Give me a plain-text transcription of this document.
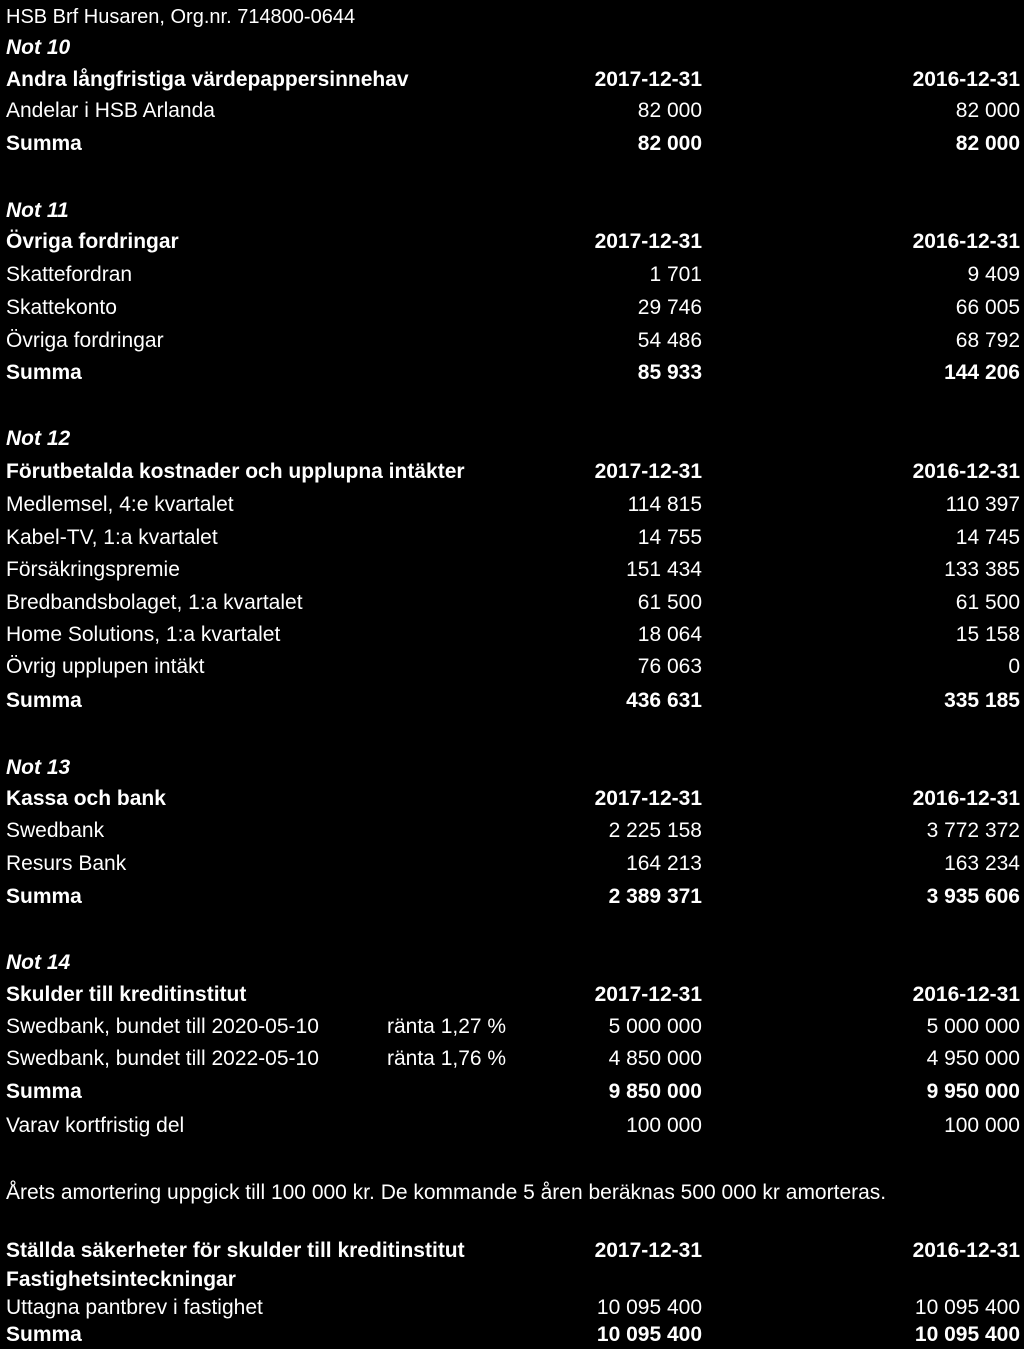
HSB Brf Husaren, Org.nr. 714800-0644
Not 10
Andra långfristiga värdepappersinnehav	2017-12-31	2016-12-31
Andelar i HSB Arlanda	82 000	82 000
Summa	82 000	82 000
Not 11
Övriga fordringar	2017-12-31	2016-12-31
Skattefordran	1 701	9 409
Skattekonto	29 746	66 005
Övriga fordringar	54 486	68 792
Summa	85 933	144 206
Not 12
Förutbetalda kostnader och upplupna intäkter	2017-12-31	2016-12-31
Medlemsel, 4:e kvartalet	114 815	110 397
Kabel-TV, 1:a kvartalet	14 755	14 745
Försäkringspremie	151 434	133 385
Bredbandsbolaget, 1:a kvartalet	61 500	61 500
Home Solutions, 1:a kvartalet	18 064	15 158
Övrig upplupen intäkt	76 063	0
Summa	436 631	335 185
Not 13
Kassa och bank	2017-12-31	2016-12-31
Swedbank	2 225 158	3 772 372
Resurs Bank	164 213	163 234
Summa	2 389 371	3 935 606
Not 14
Skulder till kreditinstitut	2017-12-31	2016-12-31
Swedbank, bundet till 2020-05-10	ränta 1,27 %	5 000 000	5 000 000
Swedbank, bundet till 2022-05-10	ränta 1,76 %	4 850 000	4 950 000
Summa	9 850 000	9 950 000
Varav kortfristig del	100 000	100 000
Årets amortering uppgick till 100 000 kr. De kommande 5 åren beräknas 500 000 kr amorteras.
Ställda säkerheter för skulder till kreditinstitut	2017-12-31	2016-12-31
Fastighetsinteckningar
Uttagna pantbrev i fastighet	10 095 400	10 095 400
Summa	10 095 400	10 095 400
